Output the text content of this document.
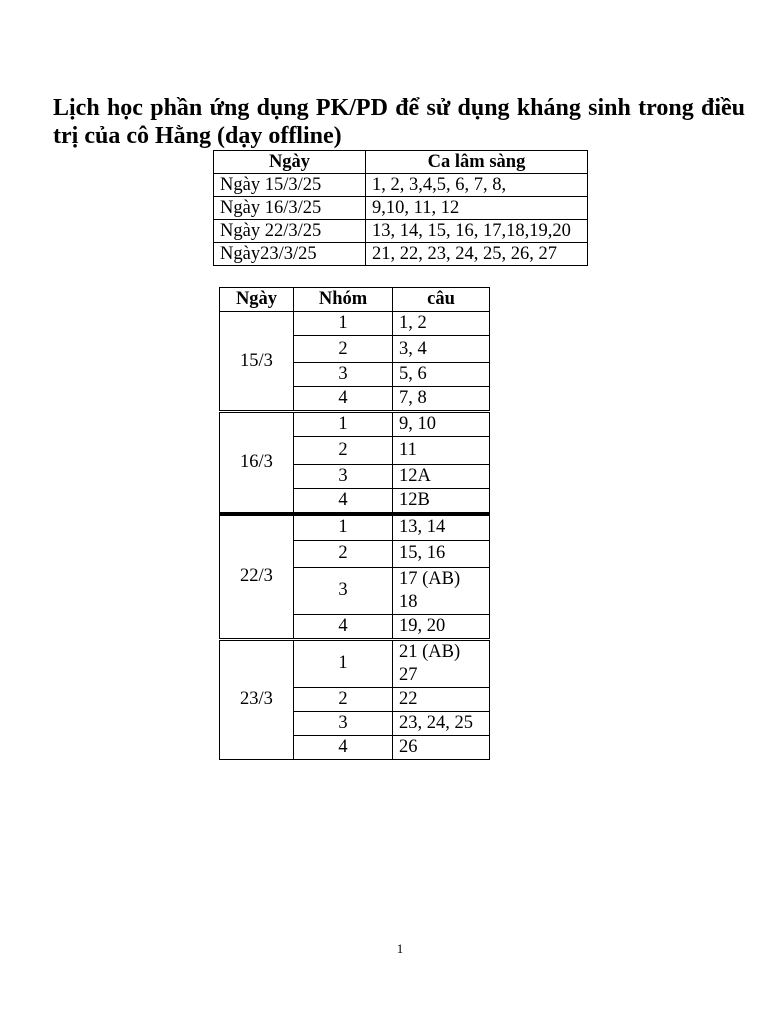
Lịch học phần ứng dụng PK/PD để sử dụng kháng sinh trong điều trị của cô Hằng (dạy offline)
Ngày	Ca lâm sàng
Ngày 15/3/25	1, 2, 3,4,5, 6, 7, 8,
Ngày 16/3/25	9,10, 11, 12
Ngày 22/3/25	13, 14, 15, 16, 17,18,19,20
Ngày23/3/25	21, 22, 23, 24, 25, 26, 27
Ngày	Nhóm	câu
15/3	1	1, 2
	2	3, 4
	3	5, 6
	4	7, 8
16/3	1	9, 10
	2	11
	3	12A
	4	12B
22/3	1	13, 14
	2	15, 16
	3	17 (AB)
18
	4	19, 20
23/3	1	21 (AB)
27
	2	22
	3	23, 24, 25
	4	26
1
